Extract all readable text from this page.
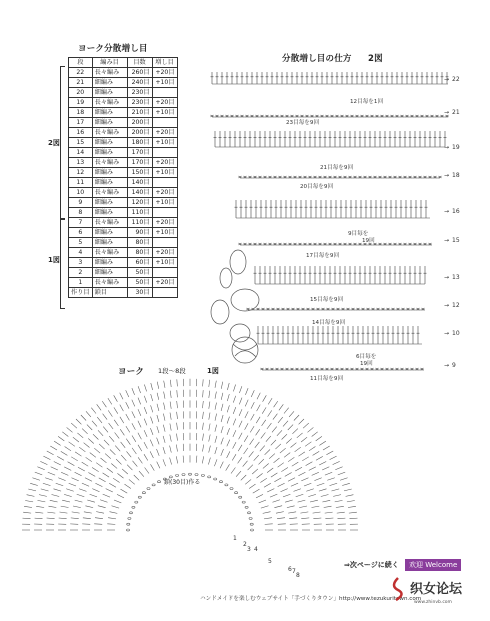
ヨーク分散増し目
段	編み目	目数	増し目
22	長々編み	260目	+20目
21	細編み	240目	+10目
20	細編み	230目	
19	長々編み	230目	+20目
18	細編み	210目	+10目
17	細編み	200目	
16	長々編み	200目	+20目
15	細編み	180目	+10目
14	細編み	170目	
13	長々編み	170目	+20目
12	細編み	150目	+10目
11	細編み	140目	
10	長々編み	140目	+20目
9	細編み	120目	+10目
8	細編み	110目	
7	長々編み	110目	+20目
6	細編み	90目	+10目
5	細編み	80目	
4	長々編み	80目	+20目
3	細編み	60目	+10目
2	細編み	50目	
1	長々編み	50目	+20目
作り目	鎖目	30目	
2図
1図
分散増し目の仕方 2図
22
→
21
→
19
→
18
→
16
→
15
→
13
→
12
→
10
→
9
→
12目毎を1回
23目毎を9回
21目毎を9回
20目毎を9回
9目毎を
19回
17目毎を9回
15目毎を9回
14目毎を9回
6目毎を
19回
11目毎を9回
ヨーク 1段～8段	1図
鎖(30目)作る
1
2
3 4
5
6 7
8
⇒次ページに続く	欢迎 Welcome
ハンドメイドを楽しむウェブサイト「手づくりタウン」http://www.tezukuritown.com
织女论坛
www.zhinvb.com
